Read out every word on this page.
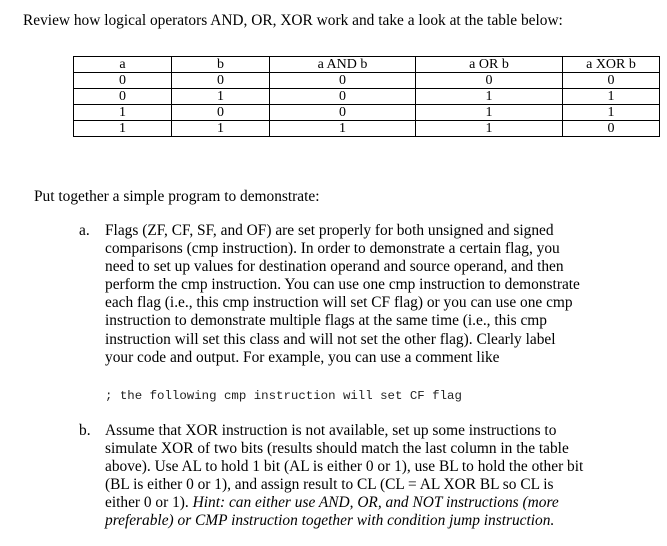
Review how logical operators AND, OR, XOR work and take a look at the table below:
a	b	a AND b	a OR b	a XOR b
0	0	0	0	0
0	1	0	1	1
1	0	0	1	1
1	1	1	1	0
Put together a simple program to demonstrate:
a. Flags (ZF, CF, SF, and OF) are set properly for both unsigned and signed
comparisons (cmp instruction). In order to demonstrate a certain flag, you
need to set up values for destination operand and source operand, and then
perform the cmp instruction. You can use one cmp instruction to demonstrate
each flag (i.e., this cmp instruction will set CF flag) or you can use one cmp
instruction to demonstrate multiple flags at the same time (i.e., this cmp
instruction will set this class and will not set the other flag). Clearly label
your code and output. For example, you can use a comment like
; the following cmp instruction will set CF flag
b. Assume that XOR instruction is not available, set up some instructions to
simulate XOR of two bits (results should match the last column in the table
above). Use AL to hold 1 bit (AL is either 0 or 1), use BL to hold the other bit
(BL is either 0 or 1), and assign result to CL (CL = AL XOR BL so CL is
either 0 or 1). Hint: can either use AND, OR, and NOT instructions (more
preferable) or CMP instruction together with condition jump instruction.
